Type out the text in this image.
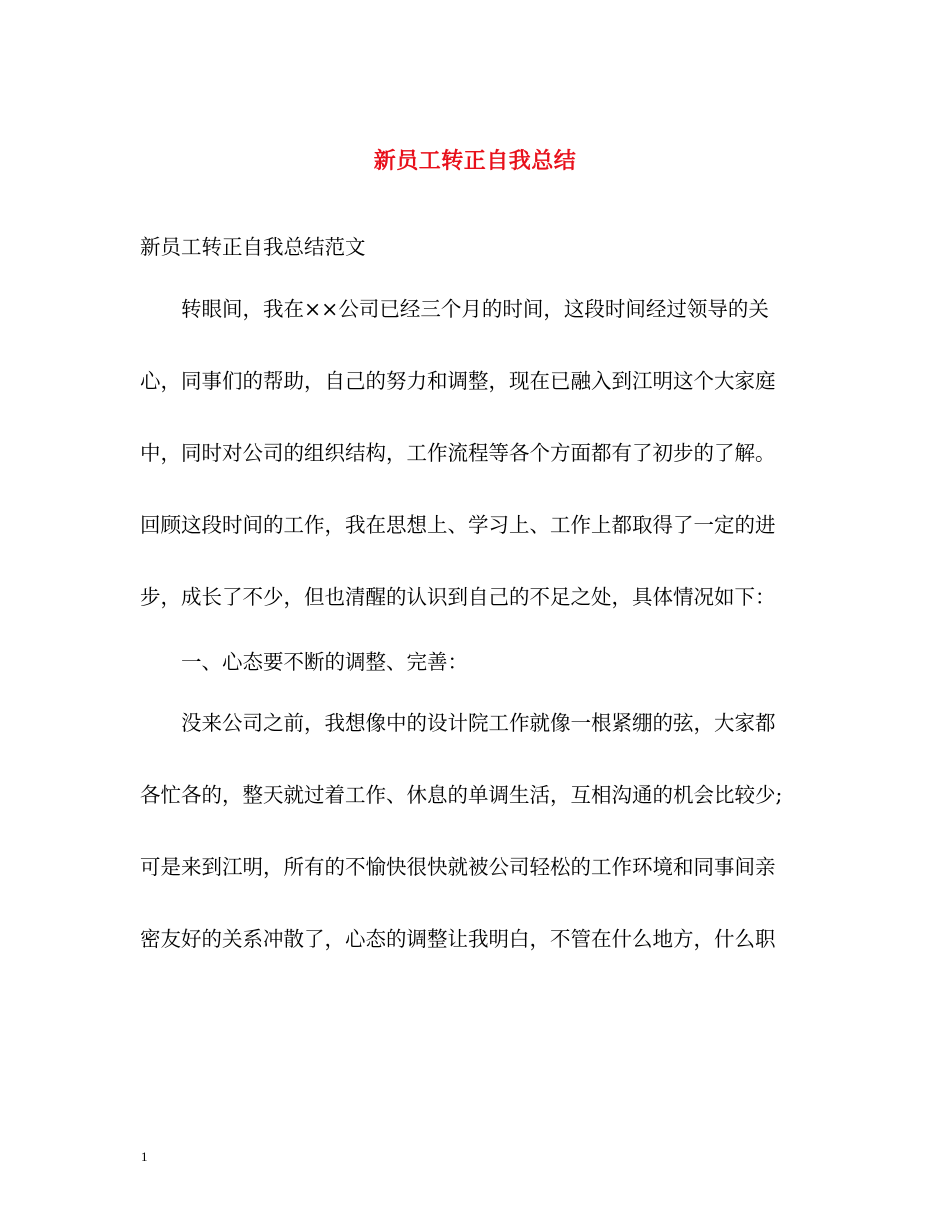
新员工转正自我总结
新员工转正自我总结范文
转眼间，我在××公司已经三个月的时间，这段时间经过领导的关
心，同事们的帮助，自己的努力和调整，现在已融入到江明这个大家庭
中，同时对公司的组织结构，工作流程等各个方面都有了初步的了解。
回顾这段时间的工作，我在思想上、学习上、工作上都取得了一定的进
步，成长了不少，但也清醒的认识到自己的不足之处，具体情况如下：
一、心态要不断的调整、完善：
没来公司之前，我想像中的设计院工作就像一根紧绷的弦，大家都
各忙各的，整天就过着工作、休息的单调生活，互相沟通的机会比较少;
可是来到江明，所有的不愉快很快就被公司轻松的工作环境和同事间亲
密友好的关系冲散了，心态的调整让我明白，不管在什么地方，什么职
1
